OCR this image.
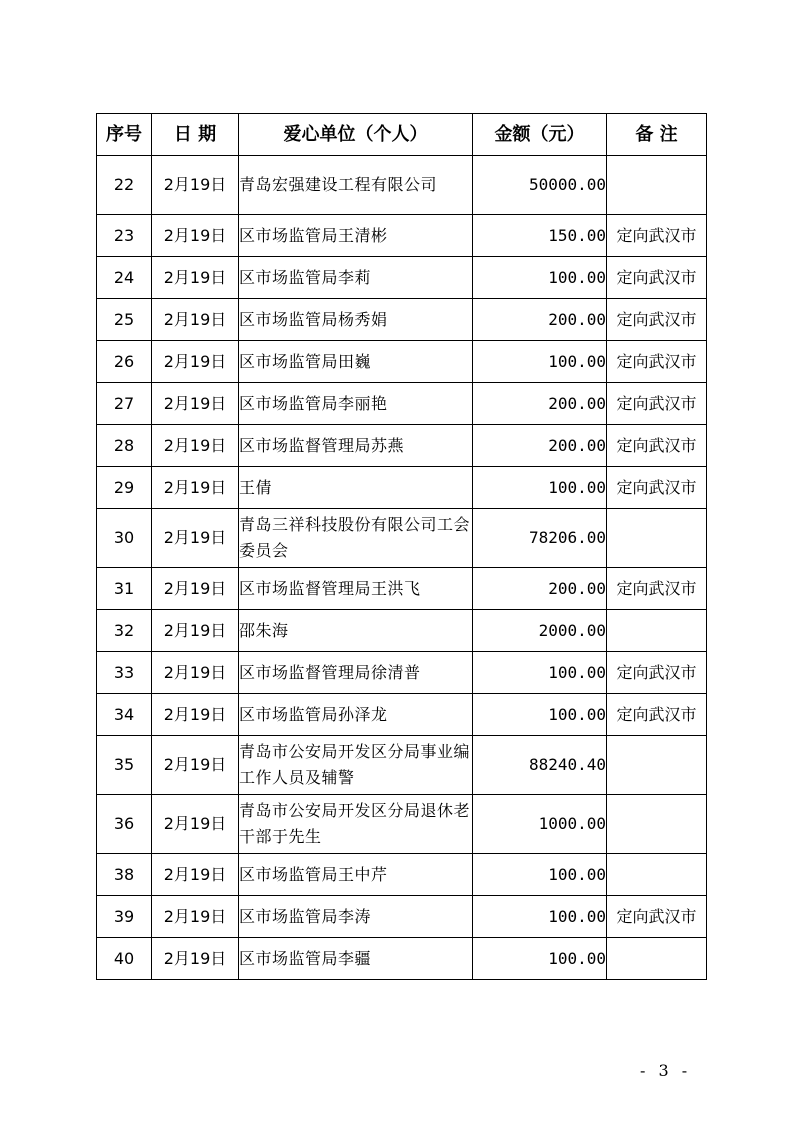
序号	日 期	爱心单位（个人）	金额（元）	备 注
22	2月19日	青岛宏强建设工程有限公司	50000.00	
23	2月19日	区市场监管局王清彬	150.00	定向武汉市
24	2月19日	区市场监管局李莉	100.00	定向武汉市
25	2月19日	区市场监管局杨秀娟	200.00	定向武汉市
26	2月19日	区市场监管局田巍	100.00	定向武汉市
27	2月19日	区市场监管局李丽艳	200.00	定向武汉市
28	2月19日	区市场监督管理局苏燕	200.00	定向武汉市
29	2月19日	王倩	100.00	定向武汉市
30	2月19日	青岛三祥科技股份有限公司工会委员会	78206.00	
31	2月19日	区市场监督管理局王洪飞	200.00	定向武汉市
32	2月19日	邵朱海	2000.00	
33	2月19日	区市场监督管理局徐清普	100.00	定向武汉市
34	2月19日	区市场监管局孙泽龙	100.00	定向武汉市
35	2月19日	青岛市公安局开发区分局事业编工作人员及辅警	88240.40	
36	2月19日	青岛市公安局开发区分局退休老干部于先生	1000.00	
38	2月19日	区市场监管局王中芹	100.00	
39	2月19日	区市场监管局李涛	100.00	定向武汉市
40	2月19日	区市场监管局李疆	100.00	
- 3 -
